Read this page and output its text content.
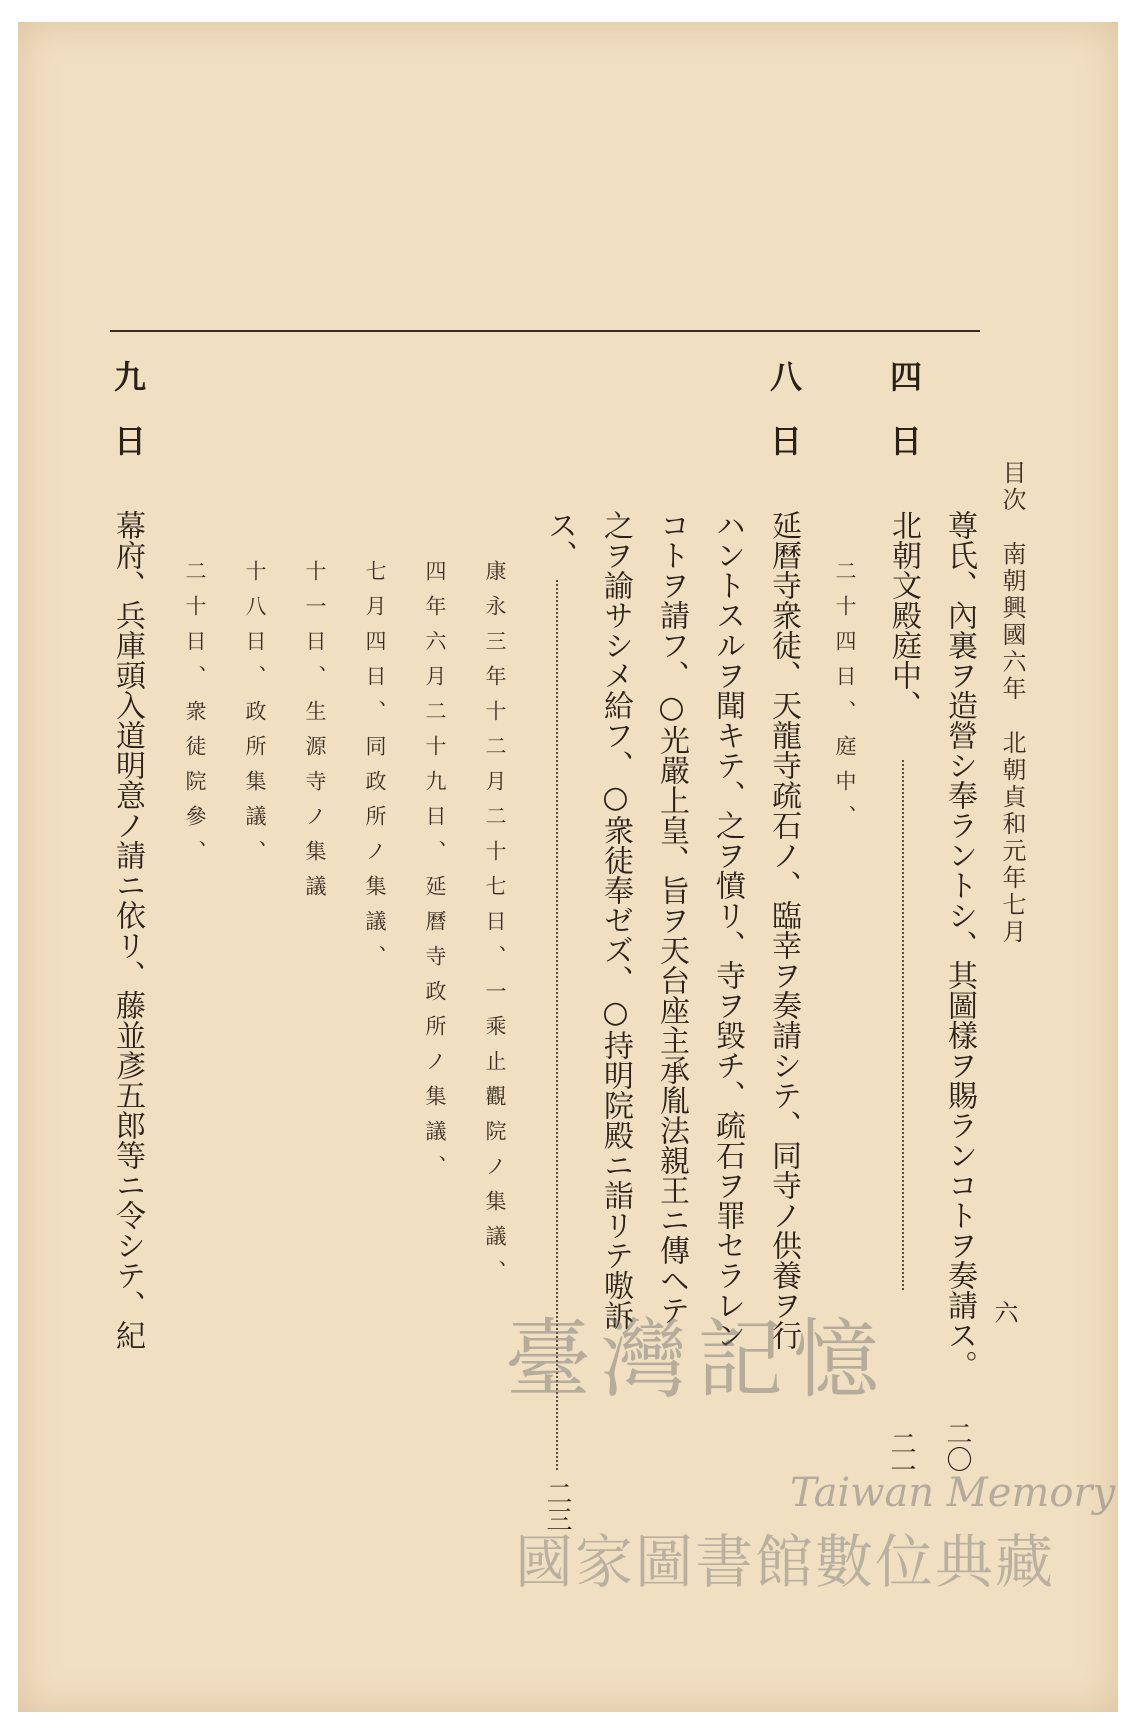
目次　南朝興國六年　北朝貞和元年七月
六
四　日
尊氏、內裏ヲ造營シ奉ラントシ、其圖樣ヲ賜ランコトヲ奏請ス。
北朝文殿庭中、
二十四日、庭中、
二〇
二一
八　日
延曆寺衆徒、天龍寺疏石ノ、臨幸ヲ奏請シテ、同寺ノ供養ヲ行
ハントスルヲ聞キテ、之ヲ憤リ、寺ヲ毀チ、疏石ヲ罪セラレン
コトヲ請フ、○光嚴上皇、旨ヲ天台座主承胤法親王ニ傳ヘテ
之ヲ諭サシメ給フ、○衆徒奉ゼズ、○持明院殿ニ詣リテ嗷訴
ス、
二三
康永三年十二月二十七日、一乘止觀院ノ集議、
四年六月二十九日、延曆寺政所ノ集議、
七月四日、同政所ノ集議、
十一日、生源寺ノ集議
十八日、政所集議、
二十日、衆徒院參、
九　日
幕府、兵庫頭入道明意ノ請ニ依リ、藤並彥五郎等ニ令シテ、紀
臺灣記憶
Taiwan Memory
國家圖書館數位典藏
